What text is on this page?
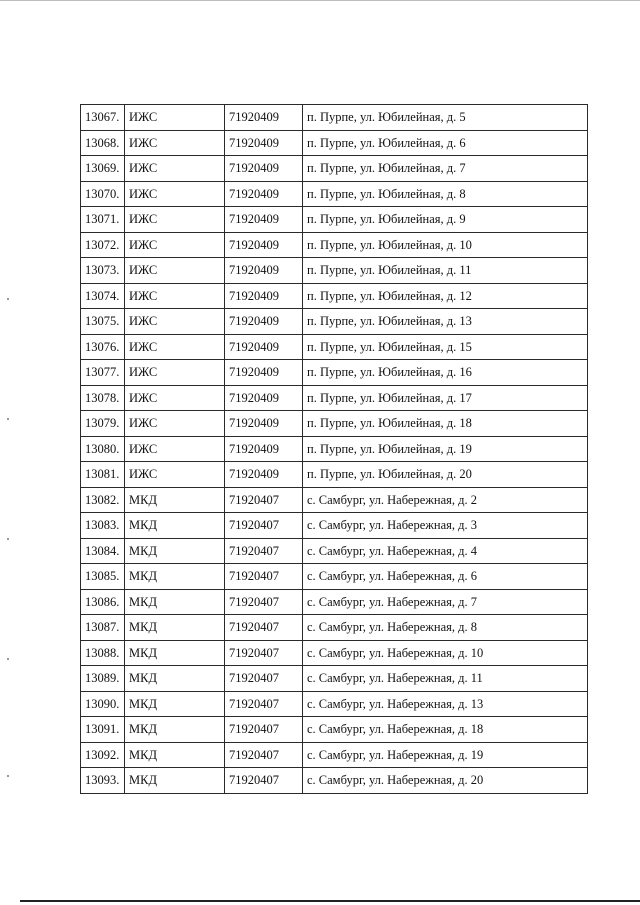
13067.	ИЖС	71920409	п. Пурпе, ул. Юбилейная, д. 5
13068.	ИЖС	71920409	п. Пурпе, ул. Юбилейная, д. 6
13069.	ИЖС	71920409	п. Пурпе, ул. Юбилейная, д. 7
13070.	ИЖС	71920409	п. Пурпе, ул. Юбилейная, д. 8
13071.	ИЖС	71920409	п. Пурпе, ул. Юбилейная, д. 9
13072.	ИЖС	71920409	п. Пурпе, ул. Юбилейная, д. 10
13073.	ИЖС	71920409	п. Пурпе, ул. Юбилейная, д. 11
13074.	ИЖС	71920409	п. Пурпе, ул. Юбилейная, д. 12
13075.	ИЖС	71920409	п. Пурпе, ул. Юбилейная, д. 13
13076.	ИЖС	71920409	п. Пурпе, ул. Юбилейная, д. 15
13077.	ИЖС	71920409	п. Пурпе, ул. Юбилейная, д. 16
13078.	ИЖС	71920409	п. Пурпе, ул. Юбилейная, д. 17
13079.	ИЖС	71920409	п. Пурпе, ул. Юбилейная, д. 18
13080.	ИЖС	71920409	п. Пурпе, ул. Юбилейная, д. 19
13081.	ИЖС	71920409	п. Пурпе, ул. Юбилейная, д. 20
13082.	МКД	71920407	с. Самбург, ул. Набережная, д. 2
13083.	МКД	71920407	с. Самбург, ул. Набережная, д. 3
13084.	МКД	71920407	с. Самбург, ул. Набережная, д. 4
13085.	МКД	71920407	с. Самбург, ул. Набережная, д. 6
13086.	МКД	71920407	с. Самбург, ул. Набережная, д. 7
13087.	МКД	71920407	с. Самбург, ул. Набережная, д. 8
13088.	МКД	71920407	с. Самбург, ул. Набережная, д. 10
13089.	МКД	71920407	с. Самбург, ул. Набережная, д. 11
13090.	МКД	71920407	с. Самбург, ул. Набережная, д. 13
13091.	МКД	71920407	с. Самбург, ул. Набережная, д. 18
13092.	МКД	71920407	с. Самбург, ул. Набережная, д. 19
13093.	МКД	71920407	с. Самбург, ул. Набережная, д. 20
